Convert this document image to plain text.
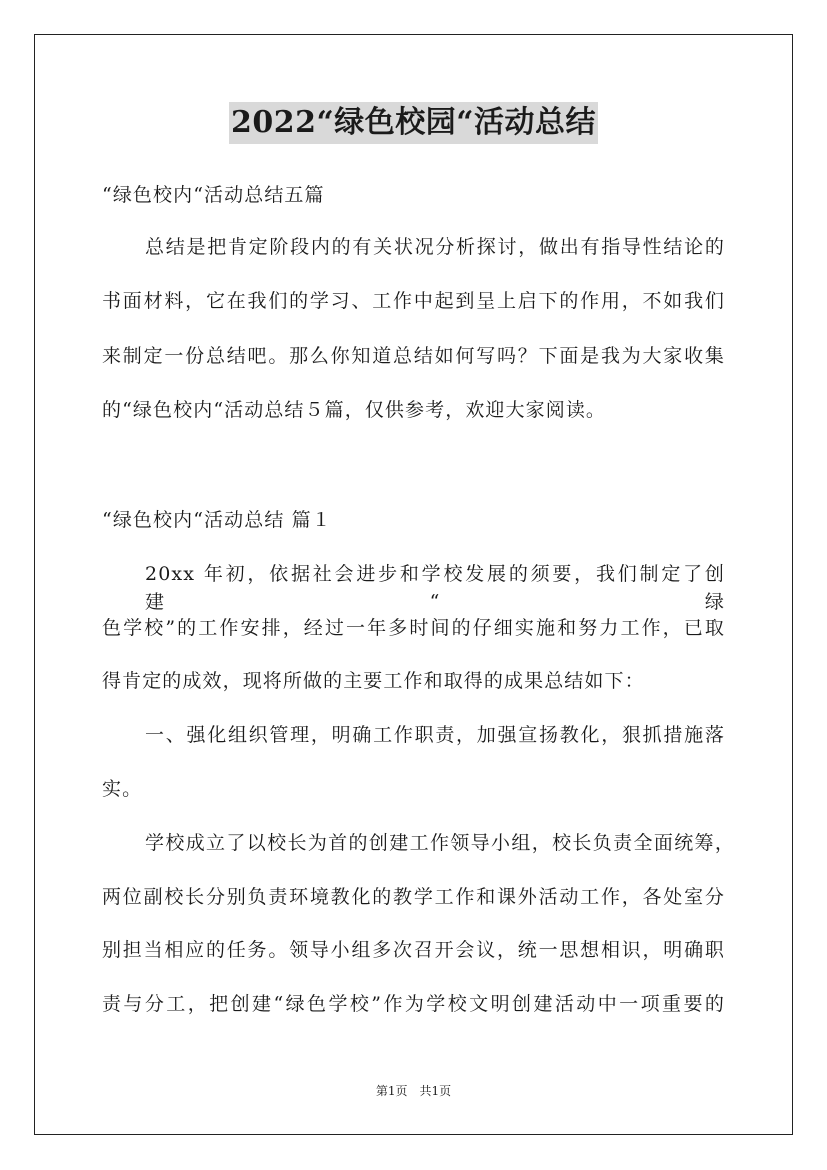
2022“绿色校园“活动总结
“绿色校内“活动总结五篇
总结是把肯定阶段内的有关状况分析探讨，做出有指导性结论的
书面材料，它在我们的学习、工作中起到呈上启下的作用，不如我们
来制定一份总结吧。那么你知道总结如何写吗？下面是我为大家收集
的“绿色校内“活动总结５篇，仅供参考，欢迎大家阅读。
“绿色校内“活动总结 篇１
20xx 年初，依据社会进步和学校发展的须要，我们制定了创建“绿
色学校”的工作安排，经过一年多时间的仔细实施和努力工作，已取
得肯定的成效，现将所做的主要工作和取得的成果总结如下：
一、强化组织管理，明确工作职责，加强宣扬教化，狠抓措施落
实。
学校成立了以校长为首的创建工作领导小组，校长负责全面统筹，
两位副校长分别负责环境教化的教学工作和课外活动工作，各处室分
别担当相应的任务。领导小组多次召开会议，统一思想相识，明确职
责与分工，把创建“绿色学校”作为学校文明创建活动中一项重要的
第1页　共1页
